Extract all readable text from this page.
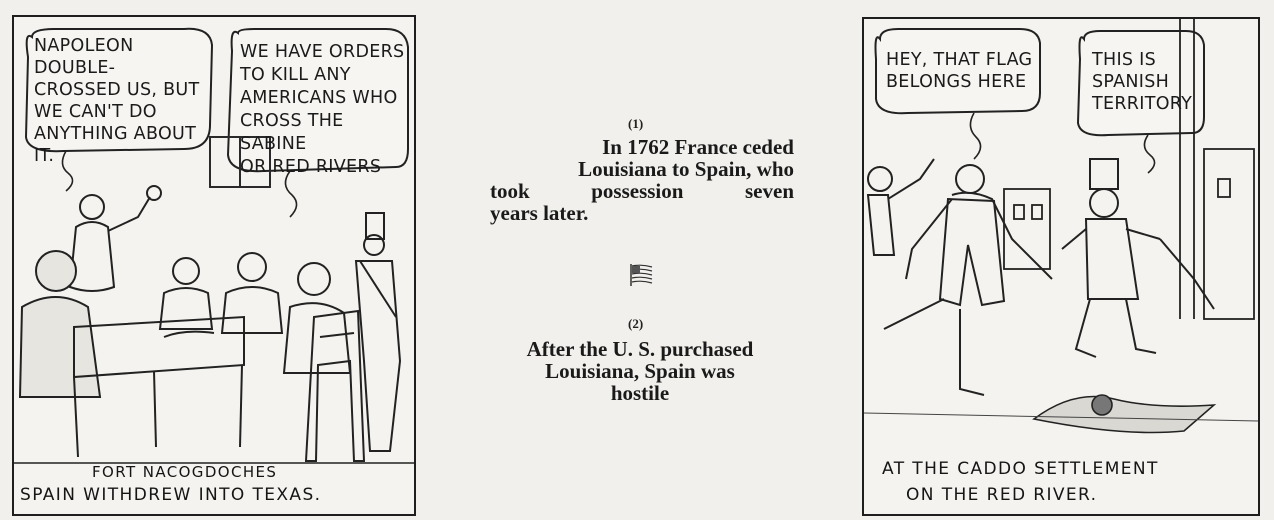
NAPOLEON DOUBLE-
CROSSED US, BUT
WE CAN'T DO
ANYTHING ABOUT
IT.
WE HAVE ORDERS
TO KILL ANY
AMERICANS WHO
CROSS THE SABINE
OR RED RIVERS
FORT NACOGDOCHES
SPAIN WITHDREW INTO TEXAS.
(1)
In 1762 France ceded
Louisiana to Spain, who
took possession seven
years later.
(2)
After the U. S. purchased
Louisiana, Spain was
hostile
HEY, THAT FLAG
BELONGS HERE
THIS IS
SPANISH
TERRITORY
AT THE CADDO SETTLEMENT
ON THE RED RIVER.
